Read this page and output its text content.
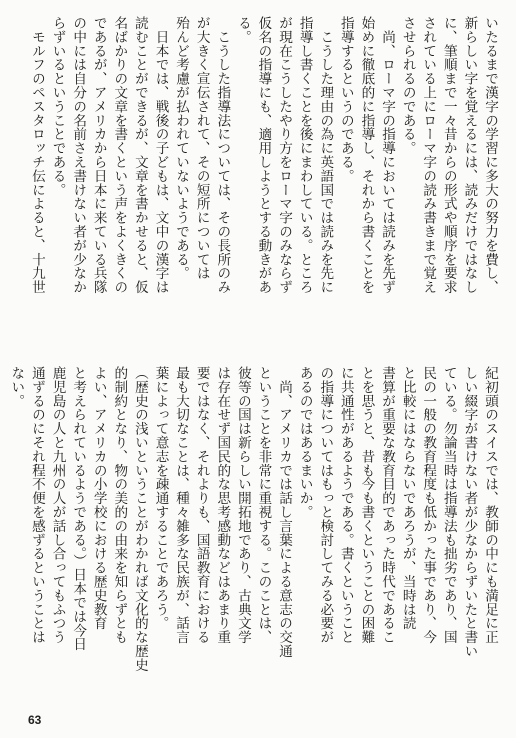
いたるまで漢字の学習に多大の努力を費し、
新らしい字を覚えるには、読みだけではなし
に、筆順まで一々昔からの形式や順序を要求
されている上にローマ字の読み書きまで覚え
させられるのである。
　尚、ローマ字の指導においては読みを先ず
始めに徹底的に指導し、それから書くことを
指導するというのである。
　こうした理由の為に英語国では読みを先に
指導し書くことを後にまわしている。ところ
が現在こうしたやり方をローマ字のみならず
仮名の指導にも、適用しようとする動きがあ
る。
　こうした指導法については、その長所のみ
が大きく宣伝されて、その短所については
殆んど考慮が払われていないようである。
　日本では、戦後の子どもは、文中の漢字は
読むことができるが、文章を書かせると、仮
名ばかりの文章を書くという声をよくきくの
であるが、アメリカから日本に来ている兵隊
の中には自分の名前さえ書けない者が少なか
らずいるということである。
　モルフのペスタロッチ伝によると、十九世
紀初頭のスイスでは、教師の中にも満足に正
しい綴字が書けない者が少なからずいたと書い
ている。勿論当時は指導法も拙劣であり、国
民の一般の教育程度も低かった事であり、今
と比較にはならないであろうが、当時は読
書算が重要な教育目的であった時代であるこ
とを思うと、昔も今も書くということの困難
に共通性があるようである。書くということ
の指導についてはもっと検討してみる必要が
あるのではあるまいか。
　尚、アメリカでは話し言葉による意志の交通
ということを非常に重視する。このことは、
彼等の国は新らしい開拓地であり、古典文学
は存在せず国民的な思考感動などはあまり重
要ではなく、それよりも、国語教育における
最も大切なことは、種々雑多な民族が、話言
葉によって意志を疎通することであろう。
（歴史の浅いということがわかれば文化的な歴史
的制約となり、物の美的の由来を知らずとも
よい、アメリカの小学校における歴史教育
と考えられているようである。）日本では今日
鹿児島の人と九州の人が話し合ってもふつう
通ずるのにそれ程不便を感ずるということは
ない。

63
